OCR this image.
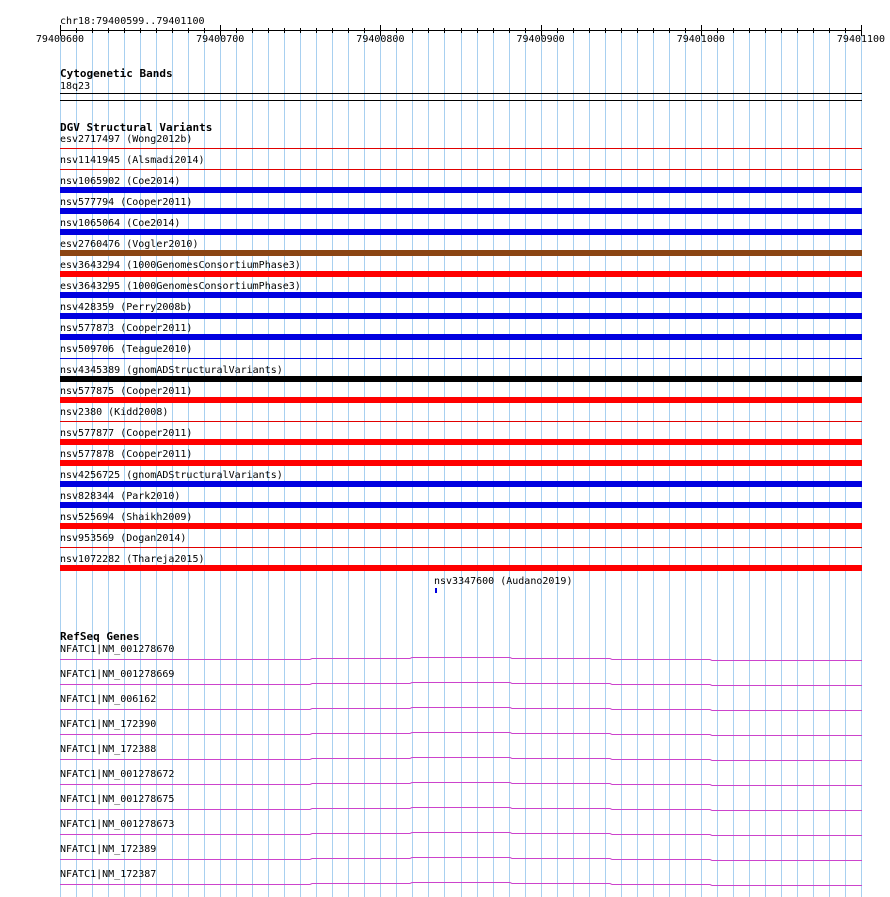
chr18:79400599..79401100
79400600	79400700	79400800	79400900	79401000	79401100
Cytogenetic Bands
18q23
DGV Structural Variants
esv2717497 (Wong2012b)
nsv1141945 (Alsmadi2014)
nsv1065902 (Coe2014)
nsv577794 (Cooper2011)
nsv1065064 (Coe2014)
esv2760476 (Vogler2010)
esv3643294 (1000GenomesConsortiumPhase3)
esv3643295 (1000GenomesConsortiumPhase3)
nsv428359 (Perry2008b)
nsv577873 (Cooper2011)
nsv509706 (Teague2010)
nsv4345389 (gnomADStructuralVariants)
nsv577875 (Cooper2011)
nsv2380 (Kidd2008)
nsv577877 (Cooper2011)
nsv577878 (Cooper2011)
nsv4256725 (gnomADStructuralVariants)
nsv828344 (Park2010)
nsv525694 (Shaikh2009)
nsv953569 (Dogan2014)
nsv1072282 (Thareja2015)
nsv3347600 (Audano2019)
RefSeq Genes
NFATC1|NM_001278670
NFATC1|NM_001278669
NFATC1|NM_006162
NFATC1|NM_172390
NFATC1|NM_172388
NFATC1|NM_001278672
NFATC1|NM_001278675
NFATC1|NM_001278673
NFATC1|NM_172389
NFATC1|NM_172387
